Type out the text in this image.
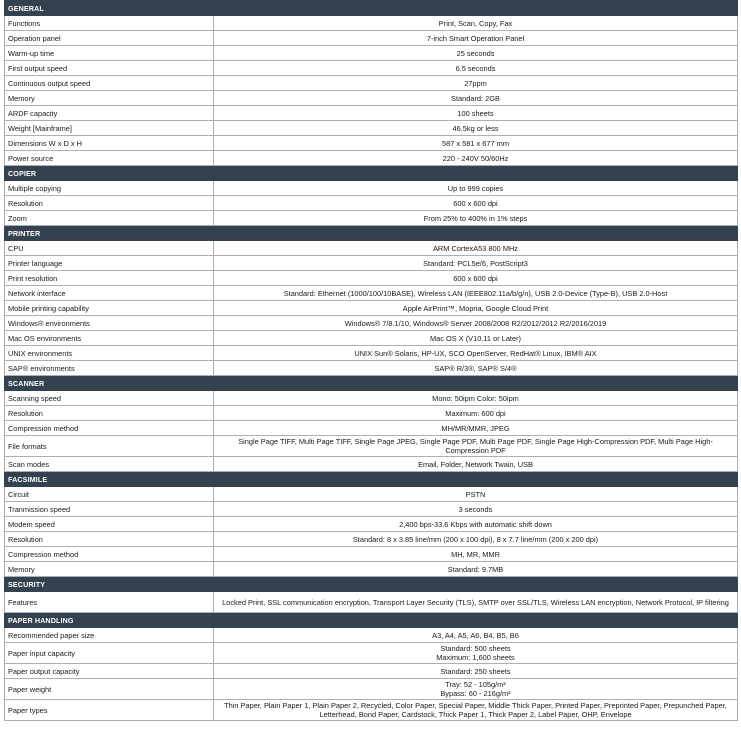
GENERAL	
Functions	Print, Scan, Copy, Fax
Operation panel	7-inch Smart Operation Panel
Warm-up time	25 seconds
First output speed	6.5 seconds
Continuous output speed	27ppm
Memory	Standard: 2GB
ARDF capacity	100 sheets
Weight [Mainframe]	46.5kg or less
Dimensions W x D x H	587 x 581 x 677 mm
Power source	220 - 240V 50/60Hz
COPIER	
Multiple copying	Up to 999 copies
Resolution	600 x 600 dpi
Zoom	From 25% to 400% in 1% steps
PRINTER	
CPU	ARM CortexA53 800 MHz
Printer language	Standard: PCL5e/6, PostScript3
Print resolution	600 x 600 dpi
Network interface	Standard: Ethernet (1000/100/10BASE), Wireless LAN (IEEE802.11a/b/g/n), USB 2.0-Device (Type-B), USB 2.0-Host
Mobile printing capability	Apple AirPrint™, Mopria, Google Cloud Print
Windows® environments	Windows® 7/8.1/10, Windows® Server 2008/2008 R2/2012/2012 R2/2016/2019
Mac OS environments	Mac OS X (V10.11 or Later)
UNIX environments	UNIX Sun® Solaris, HP-UX, SCO OpenServer, RedHat® Linux, IBM® AIX
SAP® environments	SAP® R/3®, SAP® S/4®
SCANNER	
Scanning speed	Mono: 50ipm Color: 50ipm
Resolution	Maximum: 600 dpi
Compression method	MH/MR/MMR, JPEG
File formats	Single Page TIFF, Multi Page TIFF, Single Page JPEG, Single Page PDF, Multi Page PDF, Single Page High-Compression PDF, Multi Page High-Compression PDF
Scan modes	Email, Folder, Network Twain, USB
FACSIMILE	
Circuit	PSTN
Tranmission speed	3 seconds
Modem speed	2,400 bps-33.6 Kbps with automatic shift down
Resolution	Standard: 8 x 3.85 line/mm (200 x 100 dpi), 8 x 7.7 line/mm (200 x 200 dpi)
Compression method	MH, MR, MMR
Memory	Standard: 9.7MB
SECURITY	
Features	Locked Print, SSL communication encryption, Transport Layer Security (TLS), SMTP over SSL/TLS, Wireless LAN encryption, Network Protocol, IP filtering
PAPER HANDLING	
Recommended paper size	A3, A4, A5, A6, B4, B5, B6
Paper input capacity	Standard: 500 sheets
Maximum: 1,600 sheets
Paper output capacity	Standard: 250 sheets
Paper weight	Tray: 52 - 105g/m²
Bypass: 60 - 216g/m²
Paper types	Thin Paper, Plain Paper 1, Plain Paper 2, Recycled, Color Paper, Special Paper, Middle Thick Paper, Printed Paper, Preprinted Paper, Prepunched Paper, Letterhead, Bond Paper, Cardstock, Thick Paper 1, Thick Paper 2, Label Paper, OHP, Envelope
